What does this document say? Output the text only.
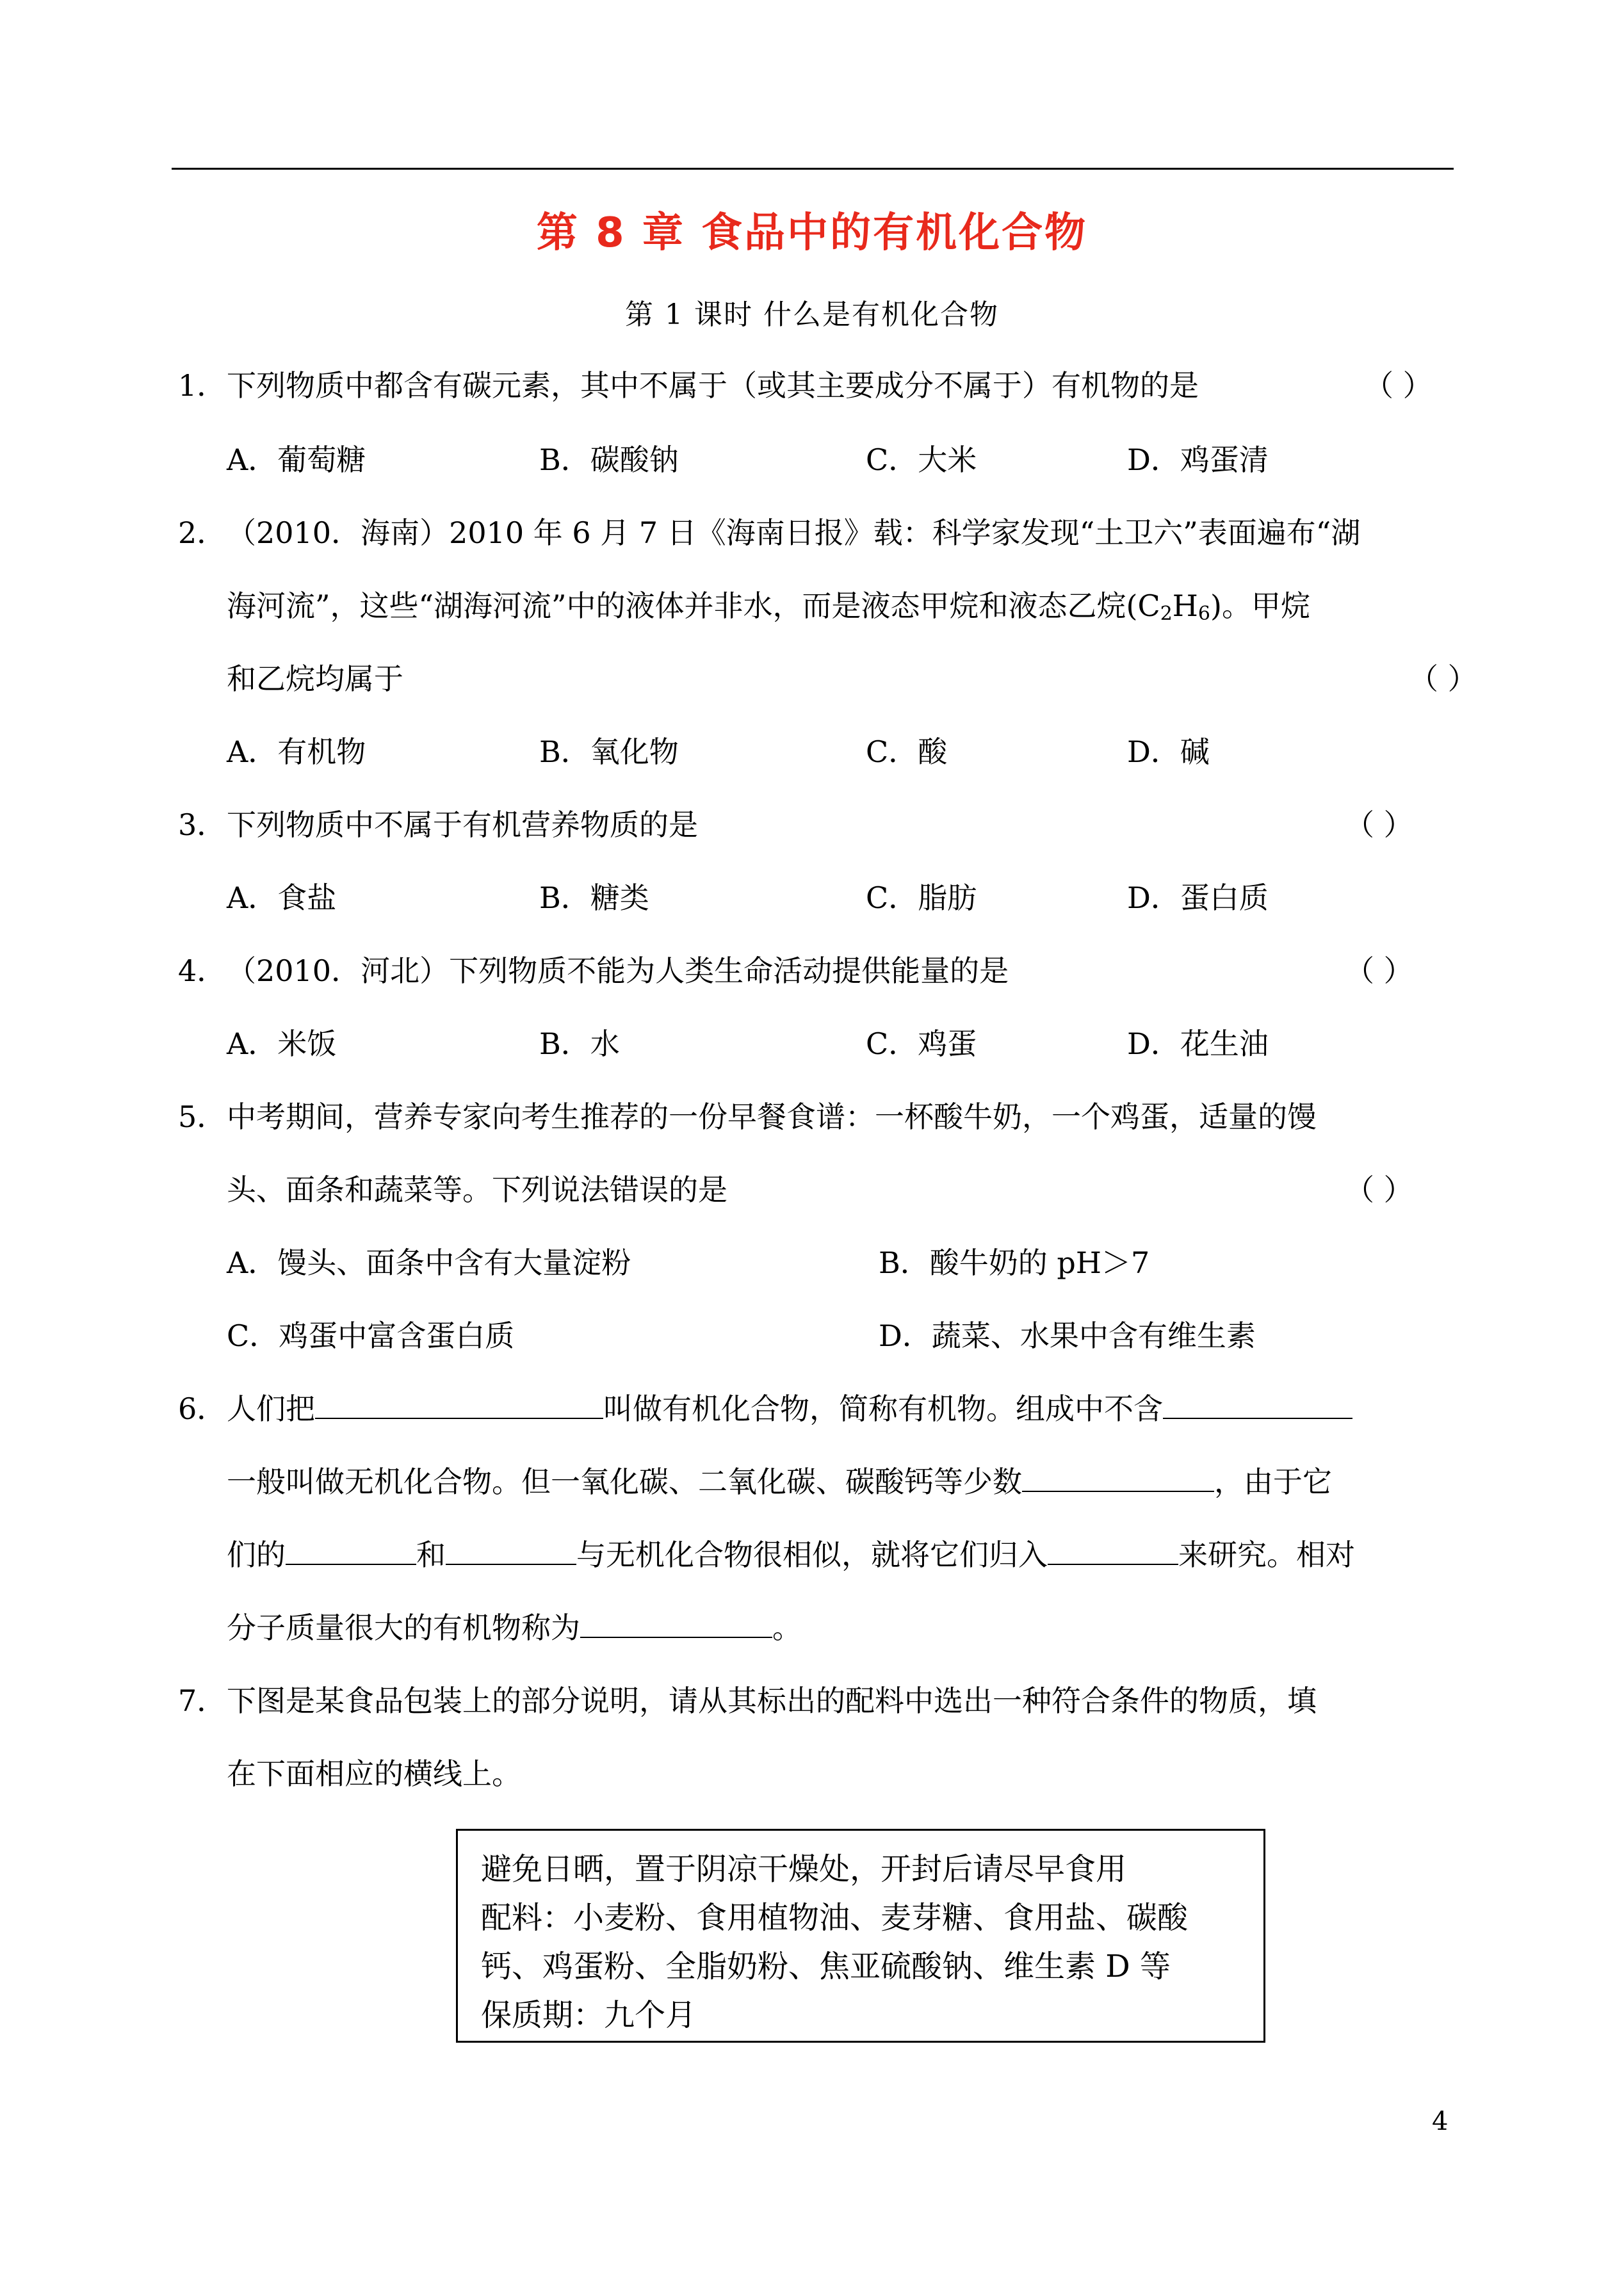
第 8 章 食品中的有机化合物
第 1 课时 什么是有机化合物
1． 下列物质中都含有碳元素，其中不属于（或其主要成分不属于）有机物的是	（ ）
A．葡萄糖	B．碳酸钠	C．大米	D．鸡蛋清
2． （2010．海南）2010 年 6 月 7 日《海南日报》载：科学家发现“土卫六”表面遍布“湖
海河流”，这些“湖海河流”中的液体并非水，而是液态甲烷和液态乙烷$(C_2H_6)$。甲烷
和乙烷均属于	（ ）
A．有机物	B．氧化物	C．酸	D．碱
3． 下列物质中不属于有机营养物质的是	（ ）
A．食盐	B．糖类	C．脂肪	D．蛋白质
4． （2010．河北）下列物质不能为人类生命活动提供能量的是	（ ）
A．米饭	B．水	C．鸡蛋	D．花生油
5． 中考期间，营养专家向考生推荐的一份早餐食谱：一杯酸牛奶，一个鸡蛋，适量的馒
头、面条和蔬菜等。下列说法错误的是	（ ）
A．馒头、面条中含有大量淀粉	B．酸牛奶的 pH＞7
C．鸡蛋中富含蛋白质	D．蔬菜、水果中含有维生素
6． 人们把	叫做有机化合物，简称有机物。组成中不含
一般叫做无机化合物。但一氧化碳、二氧化碳、碳酸钙等少数	，由于它
们的	和	与无机化合物很相似，就将它们归入	来研究。相对
分子质量很大的有机物称为	。
7． 下图是某食品包装上的部分说明，请从其标出的配料中选出一种符合条件的物质，填
在下面相应的横线上。
避免日晒，置于阴凉干燥处，开封后请尽早食用
配料：小麦粉、食用植物油、麦芽糖、食用盐、碳酸
钙、鸡蛋粉、全脂奶粉、焦亚硫酸钠、维生素 D 等
保质期：九个月
4
